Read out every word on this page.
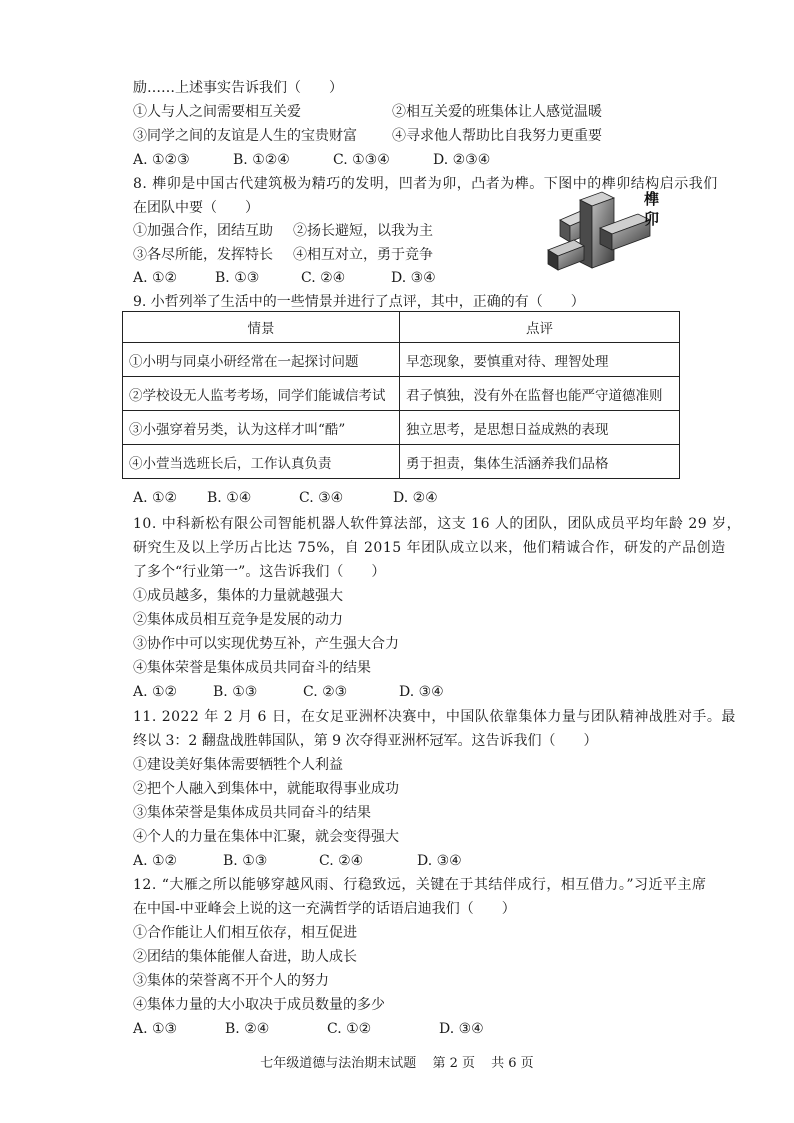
励……上述事实告诉我们（　　）
①人与人之间需要相互关爱	②相互关爱的班集体让人感觉温暖
③同学之间的友谊是人生的宝贵财富	④寻求他人帮助比自我努力更重要
A. ①②③	B. ①②④	C. ①③④	D. ②③④
8. 榫卯是中国古代建筑极为精巧的发明，凹者为卯，凸者为榫。下图中的榫卯结构启示我们
在团队中要（　　）
①加强合作，团结互助 ②扬长避短，以我为主
③各尽所能，发挥特长 ④相互对立，勇于竞争
A. ①②	B. ①③	C. ②④	D. ③④
榫
卯
9. 小哲列举了生活中的一些情景并进行了点评，其中，正确的有（　　）
情景	点评
①小明与同桌小研经常在一起探讨问题	早恋现象，要慎重对待、理智处理
②学校设无人监考考场，同学们能诚信考试	君子慎独，没有外在监督也能严守道德准则
③小强穿着另类，认为这样才叫“酷”	独立思考，是思想日益成熟的表现
④小萱当选班长后，工作认真负责	勇于担责，集体生活涵养我们品格
A. ①② B. ①④	C. ③④	D. ②④
10. 中科新松有限公司智能机器人软件算法部，这支 16 人的团队，团队成员平均年龄 29 岁，
研究生及以上学历占比达 75%，自 2015 年团队成立以来，他们精诚合作，研发的产品创造
了多个“行业第一”。这告诉我们（　　）
①成员越多，集体的力量就越强大
②集体成员相互竞争是发展的动力
③协作中可以实现优势互补，产生强大合力
④集体荣誉是集体成员共同奋斗的结果
A. ①②	B. ①③	C. ②③	D. ③④
11. 2022 年 2 月 6 日，在女足亚洲杯决赛中，中国队依靠集体力量与团队精神战胜对手。最
终以 3：2 翻盘战胜韩国队，第 9 次夺得亚洲杯冠军。这告诉我们（　　）
①建设美好集体需要牺牲个人利益
②把个人融入到集体中，就能取得事业成功
③集体荣誉是集体成员共同奋斗的结果
④个人的力量在集体中汇聚，就会变得强大
A. ①②	B. ①③	C. ②④	D. ③④
12. “大雁之所以能够穿越风雨、行稳致远，关键在于其结伴成行，相互借力。”习近平主席
在中国-中亚峰会上说的这一充满哲学的话语启迪我们（　　）
①合作能让人们相互依存，相互促进
②团结的集体能催人奋进，助人成长
③集体的荣誉离不开个人的努力
④集体力量的大小取决于成员数量的多少
A. ①③	B. ②④	C. ①②	D. ③④
七年级道德与法治期末试题 第 2 页 共 6 页
